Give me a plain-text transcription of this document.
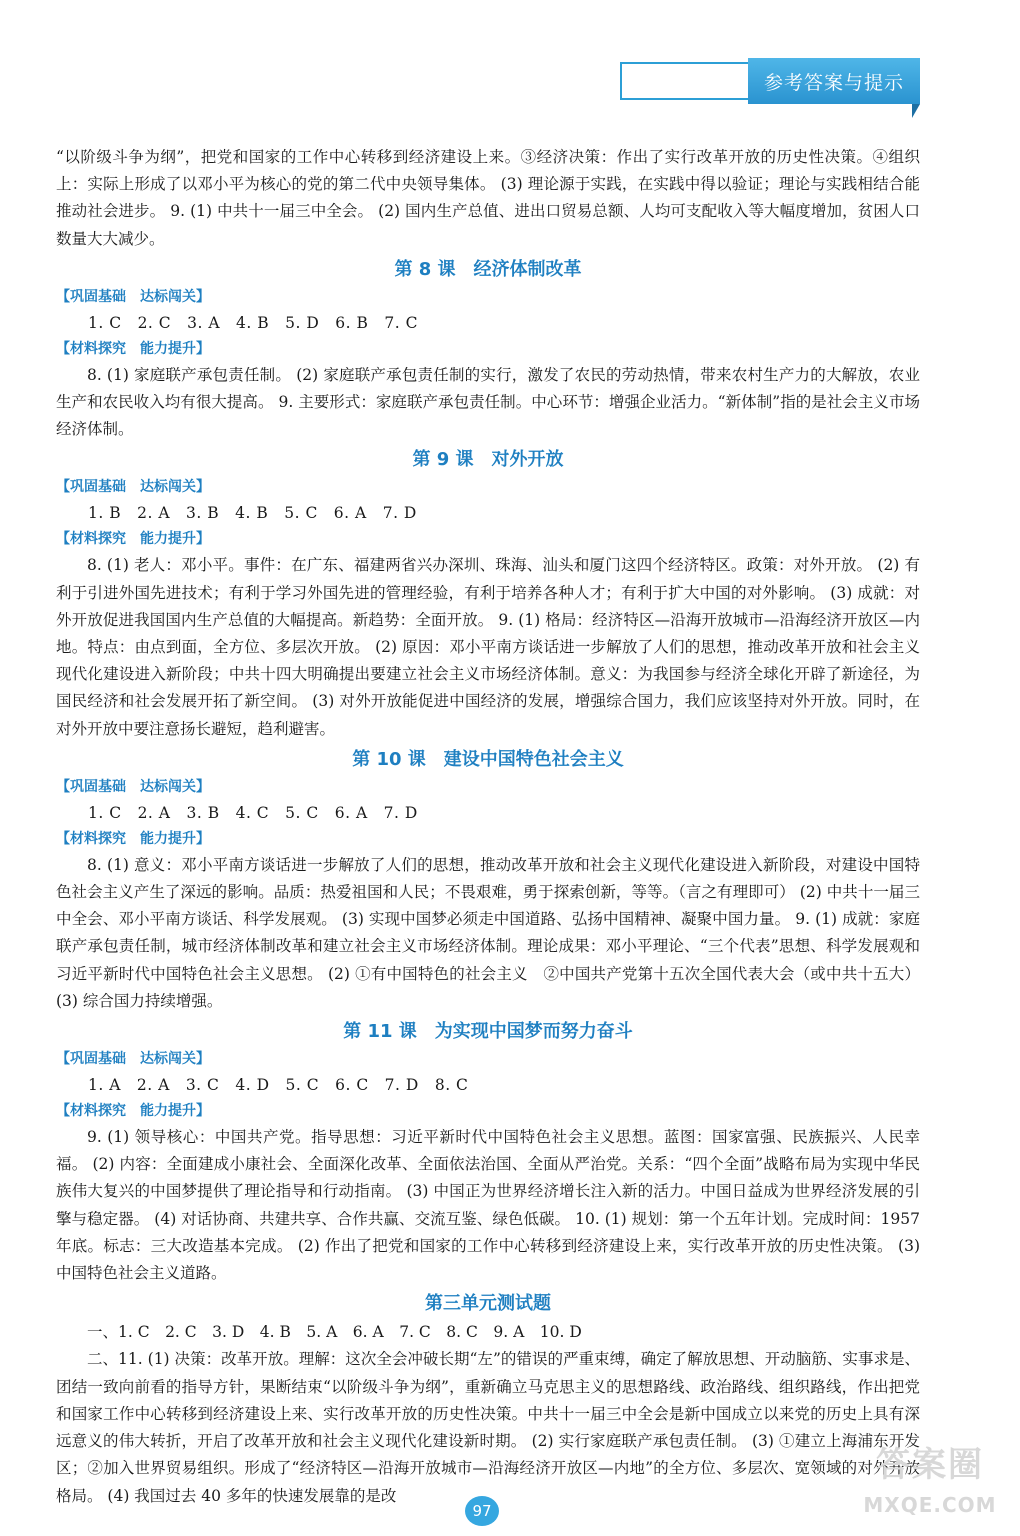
参考答案与提示

“以阶级斗争为纲”，把党和国家的工作中心转移到经济建设上来。③经济决策：作出了实行改革开放的历史性决策。④组织上：实际上形成了以邓小平为核心的党的第二代中央领导集体。 (3) 理论源于实践，在实践中得以验证；理论与实践相结合能推动社会进步。 9. (1) 中共十一届三中全会。 (2) 国内生产总值、进出口贸易总额、人均可支配收入等大幅度增加，贫困人口数量大大减少。

第 8 课　经济体制改革
【巩固基础　达标闯关】
1. C　2. C　3. A　4. B　5. D　6. B　7. C
【材料探究　能力提升】

8. (1) 家庭联产承包责任制。 (2) 家庭联产承包责任制的实行，激发了农民的劳动热情，带来农村生产力的大解放，农业生产和农民收入均有很大提高。 9. 主要形式：家庭联产承包责任制。中心环节：增强企业活力。“新体制”指的是社会主义市场经济体制。

第 9 课　对外开放
【巩固基础　达标闯关】
1. B　2. A　3. B　4. B　5. C　6. A　7. D
【材料探究　能力提升】

8. (1) 老人：邓小平。事件：在广东、福建两省兴办深圳、珠海、汕头和厦门这四个经济特区。政策：对外开放。 (2) 有利于引进外国先进技术；有利于学习外国先进的管理经验，有利于培养各种人才；有利于扩大中国的对外影响。 (3) 成就：对外开放促进我国国内生产总值的大幅提高。新趋势：全面开放。 9. (1) 格局：经济特区—沿海开放城市—沿海经济开放区—内地。特点：由点到面，全方位、多层次开放。 (2) 原因：邓小平南方谈话进一步解放了人们的思想，推动改革开放和社会主义现代化建设进入新阶段；中共十四大明确提出要建立社会主义市场经济体制。意义：为我国参与经济全球化开辟了新途径，为国民经济和社会发展开拓了新空间。 (3) 对外开放能促进中国经济的发展，增强综合国力，我们应该坚持对外开放。同时，在对外开放中要注意扬长避短，趋利避害。

第 10 课　建设中国特色社会主义
【巩固基础　达标闯关】
1. C　2. A　3. B　4. C　5. C　6. A　7. D
【材料探究　能力提升】

8. (1) 意义：邓小平南方谈话进一步解放了人们的思想，推动改革开放和社会主义现代化建设进入新阶段，对建设中国特色社会主义产生了深远的影响。品质：热爱祖国和人民；不畏艰难，勇于探索创新，等等。（言之有理即可） (2) 中共十一届三中全会、邓小平南方谈话、科学发展观。 (3) 实现中国梦必须走中国道路、弘扬中国精神、凝聚中国力量。 9. (1) 成就：家庭联产承包责任制，城市经济体制改革和建立社会主义市场经济体制。理论成果：邓小平理论、“三个代表”思想、科学发展观和习近平新时代中国特色社会主义思想。 (2) ①有中国特色的社会主义　②中国共产党第十五次全国代表大会（或中共十五大） (3) 综合国力持续增强。

第 11 课　为实现中国梦而努力奋斗
【巩固基础　达标闯关】
1. A　2. A　3. C　4. D　5. C　6. C　7. D　8. C
【材料探究　能力提升】

9. (1) 领导核心：中国共产党。指导思想：习近平新时代中国特色社会主义思想。蓝图：国家富强、民族振兴、人民幸福。 (2) 内容：全面建成小康社会、全面深化改革、全面依法治国、全面从严治党。关系：“四个全面”战略布局为实现中华民族伟大复兴的中国梦提供了理论指导和行动指南。 (3) 中国正为世界经济增长注入新的活力。中国日益成为世界经济发展的引擎与稳定器。 (4) 对话协商、共建共享、合作共赢、交流互鉴、绿色低碳。 10. (1) 规划：第一个五年计划。完成时间：1957 年底。标志：三大改造基本完成。 (2) 作出了把党和国家的工作中心转移到经济建设上来，实行改革开放的历史性决策。 (3) 中国特色社会主义道路。

第三单元测试题

一、1. C　2. C　3. D　4. B　5. A　6. A　7. C　8. C　9. A　10. D

二、11. (1) 决策：改革开放。理解：这次全会冲破长期“左”的错误的严重束缚，确定了解放思想、开动脑筋、实事求是、团结一致向前看的指导方针，果断结束“以阶级斗争为纲”，重新确立马克思主义的思想路线、政治路线、组织路线，作出把党和国家工作中心转移到经济建设上来、实行改革开放的历史性决策。中共十一届三中全会是新中国成立以来党的历史上具有深远意义的伟大转折，开启了改革开放和社会主义现代化建设新时期。 (2) 实行家庭联产承包责任制。 (3) ①建立上海浦东开发区；②加入世界贸易组织。形成了“经济特区—沿海开放城市—沿海经济开放区—内地”的全方位、多层次、宽领域的对外开放格局。 (4) 我国过去 40 多年的快速发展靠的是改

97
答案圈
MXQE.COM
